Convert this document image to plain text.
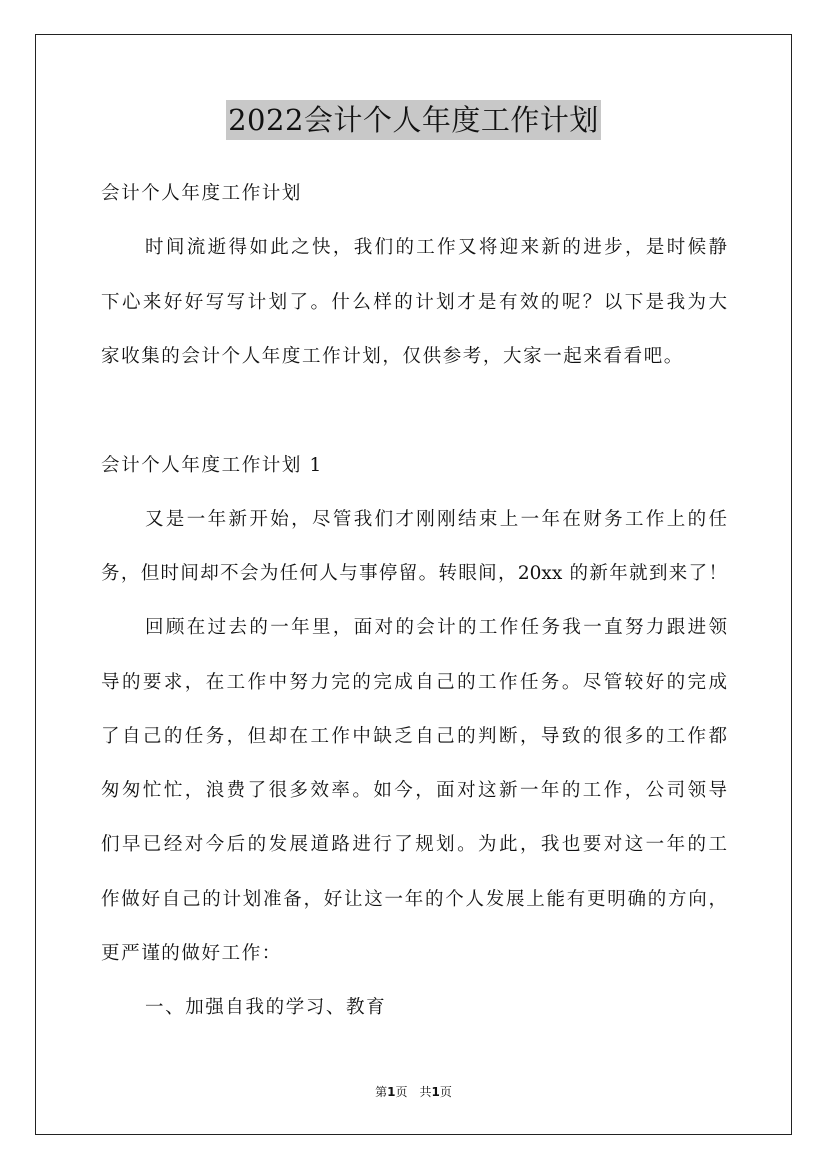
2022会计个人年度工作计划
会计个人年度工作计划
时间流逝得如此之快，我们的工作又将迎来新的进步，是时候静
下心来好好写写计划了。什么样的计划才是有效的呢？以下是我为大
家收集的会计个人年度工作计划，仅供参考，大家一起来看看吧。
会计个人年度工作计划 1
又是一年新开始，尽管我们才刚刚结束上一年在财务工作上的任
务，但时间却不会为任何人与事停留。转眼间，20xx 的新年就到来了！
回顾在过去的一年里，面对的会计的工作任务我一直努力跟进领
导的要求，在工作中努力完的完成自己的工作任务。尽管较好的完成
了自己的任务，但却在工作中缺乏自己的判断，导致的很多的工作都
匆匆忙忙，浪费了很多效率。如今，面对这新一年的工作，公司领导
们早已经对今后的发展道路进行了规划。为此，我也要对这一年的工
作做好自己的计划准备，好让这一年的个人发展上能有更明确的方向，
更严谨的做好工作：
一、加强自我的学习、教育
第1页　共1页
